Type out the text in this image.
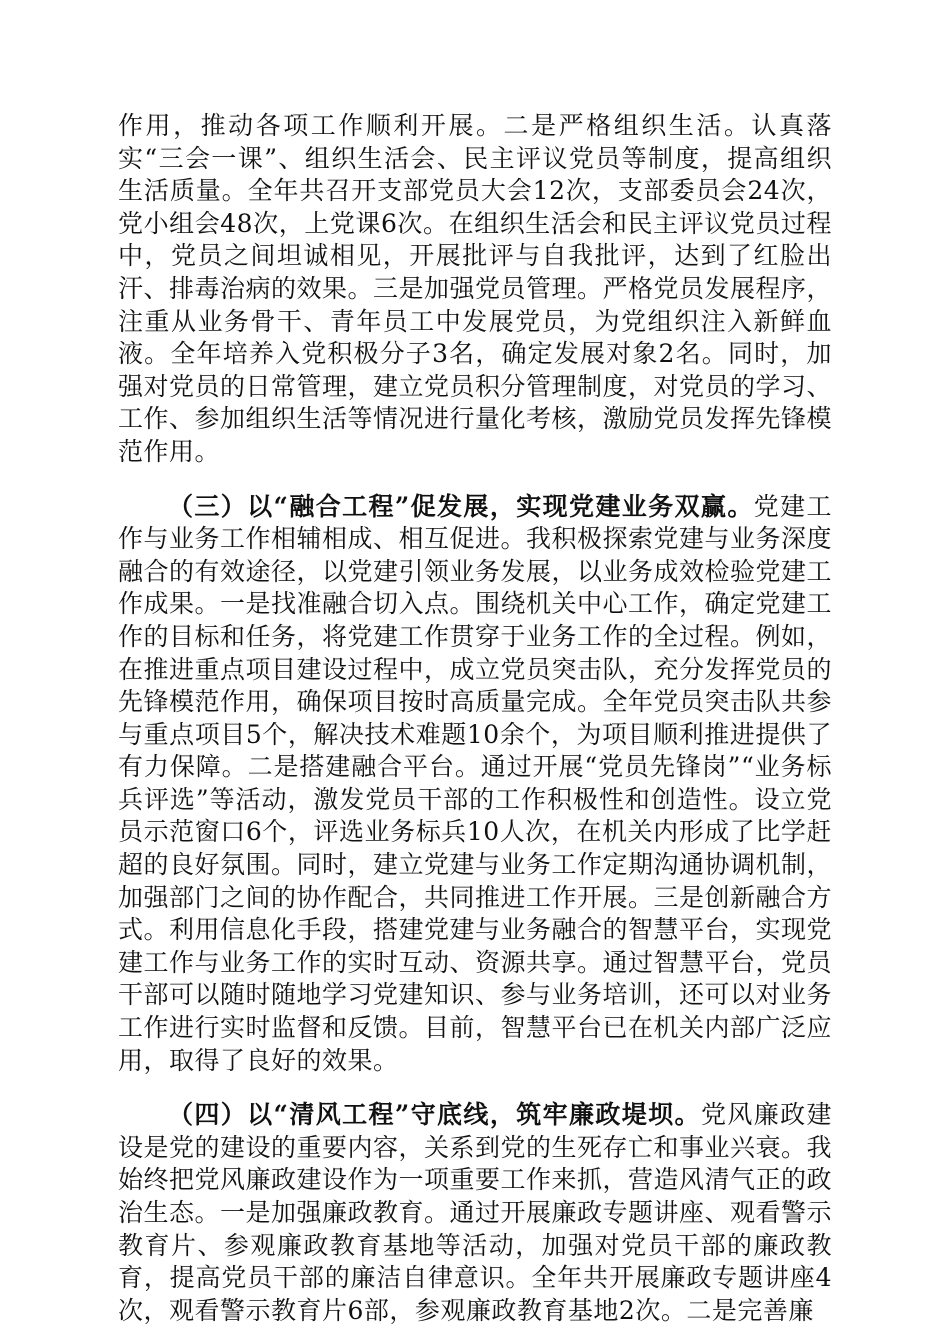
作用，推动各项工作顺利开展。二是严格组织生活。认真落实“三会一课”、组织生活会、民主评议党员等制度，提高组织生活质量。全年共召开支部党员大会12次，支部委员会24次，党小组会48次，上党课6次。在组织生活会和民主评议党员过程中，党员之间坦诚相见，开展批评与自我批评，达到了红脸出汗、排毒治病的效果。三是加强党员管理。严格党员发展程序，注重从业务骨干、青年员工中发展党员，为党组织注入新鲜血液。全年培养入党积极分子3名，确定发展对象2名。同时，加强对党员的日常管理，建立党员积分管理制度，对党员的学习、工作、参加组织生活等情况进行量化考核，激励党员发挥先锋模范作用。

（三）以“融合工程”促发展，实现党建业务双赢。党建工作与业务工作相辅相成、相互促进。我积极探索党建与业务深度融合的有效途径，以党建引领业务发展，以业务成效检验党建工作成果。一是找准融合切入点。围绕机关中心工作，确定党建工作的目标和任务，将党建工作贯穿于业务工作的全过程。例如，在推进重点项目建设过程中，成立党员突击队，充分发挥党员的先锋模范作用，确保项目按时高质量完成。全年党员突击队共参与重点项目5个，解决技术难题10余个，为项目顺利推进提供了有力保障。二是搭建融合平台。通过开展“党员先锋岗”“业务标兵评选”等活动，激发党员干部的工作积极性和创造性。设立党员示范窗口6个，评选业务标兵10人次，在机关内形成了比学赶超的良好氛围。同时，建立党建与业务工作定期沟通协调机制，加强部门之间的协作配合，共同推进工作开展。三是创新融合方式。利用信息化手段，搭建党建与业务融合的智慧平台，实现党建工作与业务工作的实时互动、资源共享。通过智慧平台，党员干部可以随时随地学习党建知识、参与业务培训，还可以对业务工作进行实时监督和反馈。目前，智慧平台已在机关内部广泛应用，取得了良好的效果。

（四）以“清风工程”守底线，筑牢廉政堤坝。党风廉政建设是党的建设的重要内容，关系到党的生死存亡和事业兴衰。我始终把党风廉政建设作为一项重要工作来抓，营造风清气正的政治生态。一是加强廉政教育。通过开展廉政专题讲座、观看警示教育片、参观廉政教育基地等活动，加强对党员干部的廉政教育，提高党员干部的廉洁自律意识。全年共开展廉政专题讲座4次，观看警示教育片6部，参观廉政教育基地2次。二是完善廉
